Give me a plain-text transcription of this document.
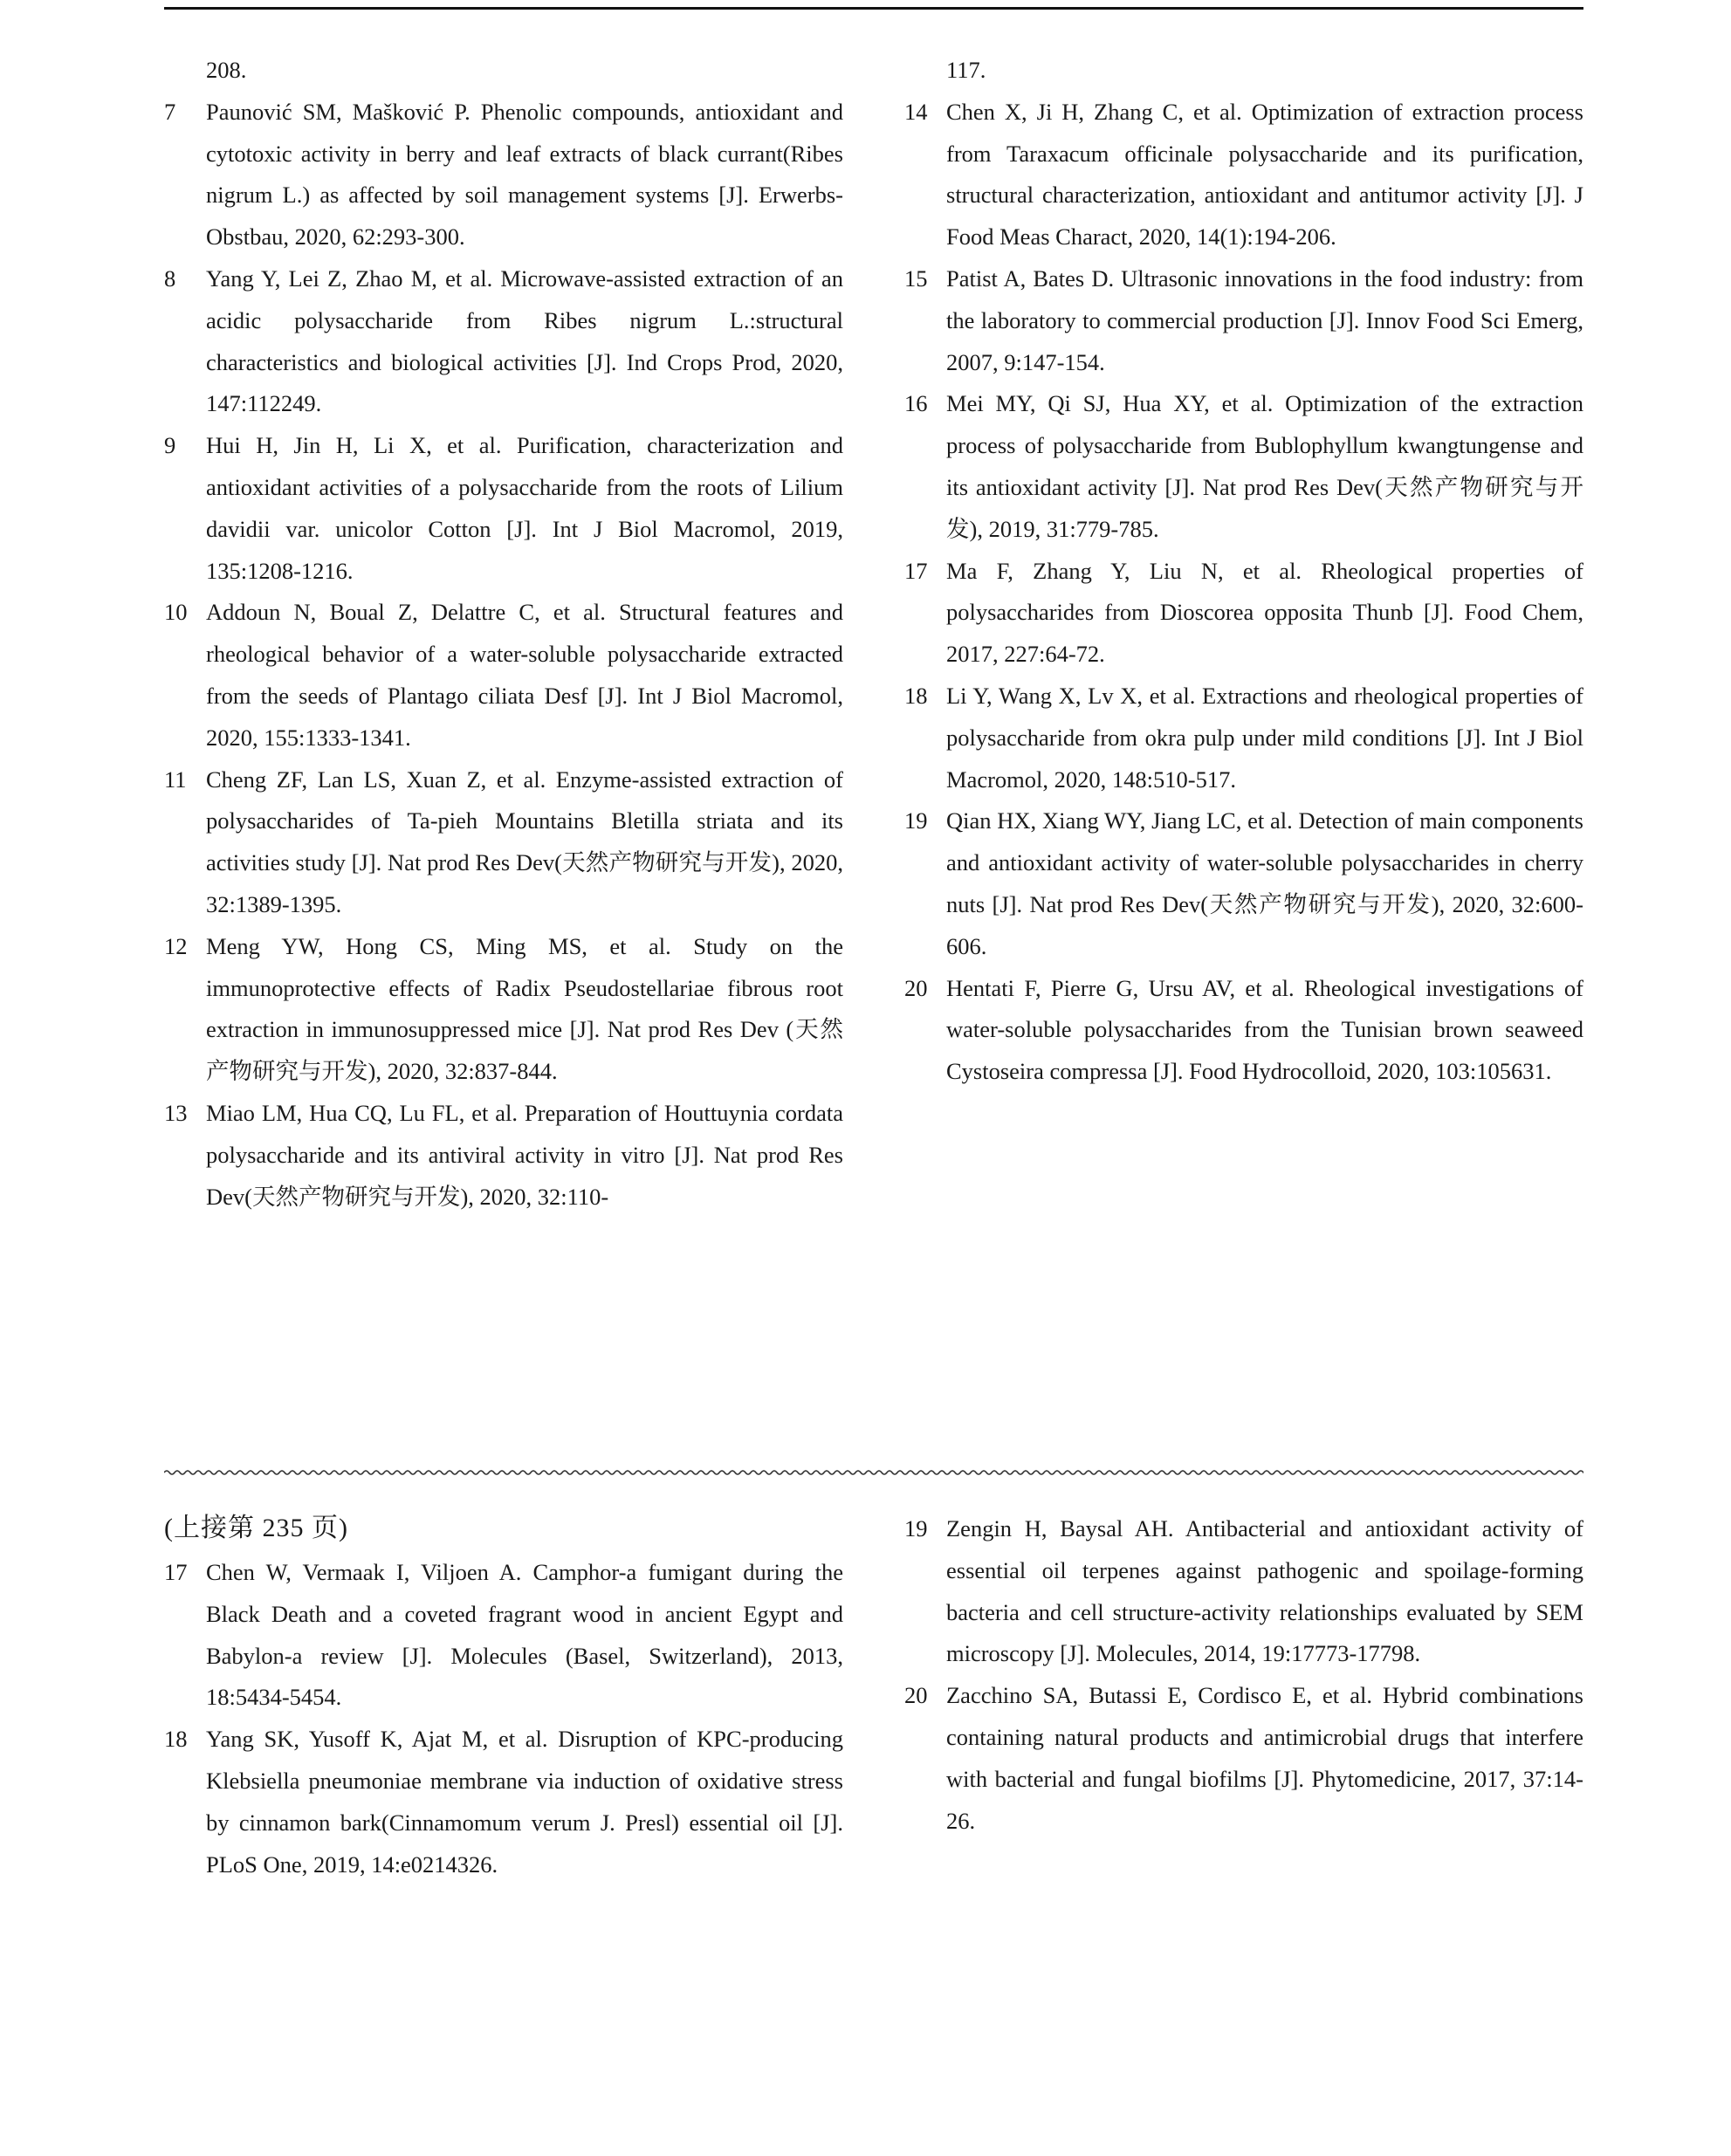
208.
7 Paunović SM, Mašković P. Phenolic compounds, antioxidant and cytotoxic activity in berry and leaf extracts of black currant(Ribes nigrum L.) as affected by soil management systems [J]. Erwerbs-Obstbau, 2020, 62:293-300.
8 Yang Y, Lei Z, Zhao M, et al. Microwave-assisted extraction of an acidic polysaccharide from Ribes nigrum L.:structural characteristics and biological activities [J]. Ind Crops Prod, 2020, 147:112249.
9 Hui H, Jin H, Li X, et al. Purification, characterization and antioxidant activities of a polysaccharide from the roots of Lilium davidii var. unicolor Cotton [J]. Int J Biol Macromol, 2019, 135:1208-1216.
10 Addoun N, Boual Z, Delattre C, et al. Structural features and rheological behavior of a water-soluble polysaccharide extracted from the seeds of Plantago ciliata Desf [J]. Int J Biol Macromol, 2020, 155:1333-1341.
11 Cheng ZF, Lan LS, Xuan Z, et al. Enzyme-assisted extraction of polysaccharides of Ta-pieh Mountains Bletilla striata and its activities study [J]. Nat prod Res Dev(天然产物研究与开发), 2020, 32:1389-1395.
12 Meng YW, Hong CS, Ming MS, et al. Study on the immunoprotective effects of Radix Pseudostellariae fibrous root extraction in immunosuppressed mice [J]. Nat prod Res Dev (天然产物研究与开发), 2020, 32:837-844.
13 Miao LM, Hua CQ, Lu FL, et al. Preparation of Houttuynia cordata polysaccharide and its antiviral activity in vitro [J]. Nat prod Res Dev(天然产物研究与开发), 2020, 32:110-
117.
14 Chen X, Ji H, Zhang C, et al. Optimization of extraction process from Taraxacum officinale polysaccharide and its purification, structural characterization, antioxidant and antitumor activity [J]. J Food Meas Charact, 2020, 14(1):194-206.
15 Patist A, Bates D. Ultrasonic innovations in the food industry: from the laboratory to commercial production [J]. Innov Food Sci Emerg, 2007, 9:147-154.
16 Mei MY, Qi SJ, Hua XY, et al. Optimization of the extraction process of polysaccharide from Bublophyllum kwangtungense and its antioxidant activity [J]. Nat prod Res Dev(天然产物研究与开发), 2019, 31:779-785.
17 Ma F, Zhang Y, Liu N, et al. Rheological properties of polysaccharides from Dioscorea opposita Thunb [J]. Food Chem, 2017, 227:64-72.
18 Li Y, Wang X, Lv X, et al. Extractions and rheological properties of polysaccharide from okra pulp under mild conditions [J]. Int J Biol Macromol, 2020, 148:510-517.
19 Qian HX, Xiang WY, Jiang LC, et al. Detection of main components and antioxidant activity of water-soluble polysaccharides in cherry nuts [J]. Nat prod Res Dev(天然产物研究与开发), 2020, 32:600-606.
20 Hentati F, Pierre G, Ursu AV, et al. Rheological investigations of water-soluble polysaccharides from the Tunisian brown seaweed Cystoseira compressa [J]. Food Hydrocolloid, 2020, 103:105631.
(上接第 235 页)
17 Chen W, Vermaak I, Viljoen A. Camphor-a fumigant during the Black Death and a coveted fragrant wood in ancient Egypt and Babylon-a review [J]. Molecules (Basel, Switzerland), 2013, 18:5434-5454.
18 Yang SK, Yusoff K, Ajat M, et al. Disruption of KPC-producing Klebsiella pneumoniae membrane via induction of oxidative stress by cinnamon bark(Cinnamomum verum J. Presl) essential oil [J]. PLoS One, 2019, 14:e0214326.
19 Zengin H, Baysal AH. Antibacterial and antioxidant activity of essential oil terpenes against pathogenic and spoilage-forming bacteria and cell structure-activity relationships evaluated by SEM microscopy [J]. Molecules, 2014, 19:17773-17798.
20 Zacchino SA, Butassi E, Cordisco E, et al. Hybrid combinations containing natural products and antimicrobial drugs that interfere with bacterial and fungal biofilms [J]. Phytomedicine, 2017, 37:14-26.
